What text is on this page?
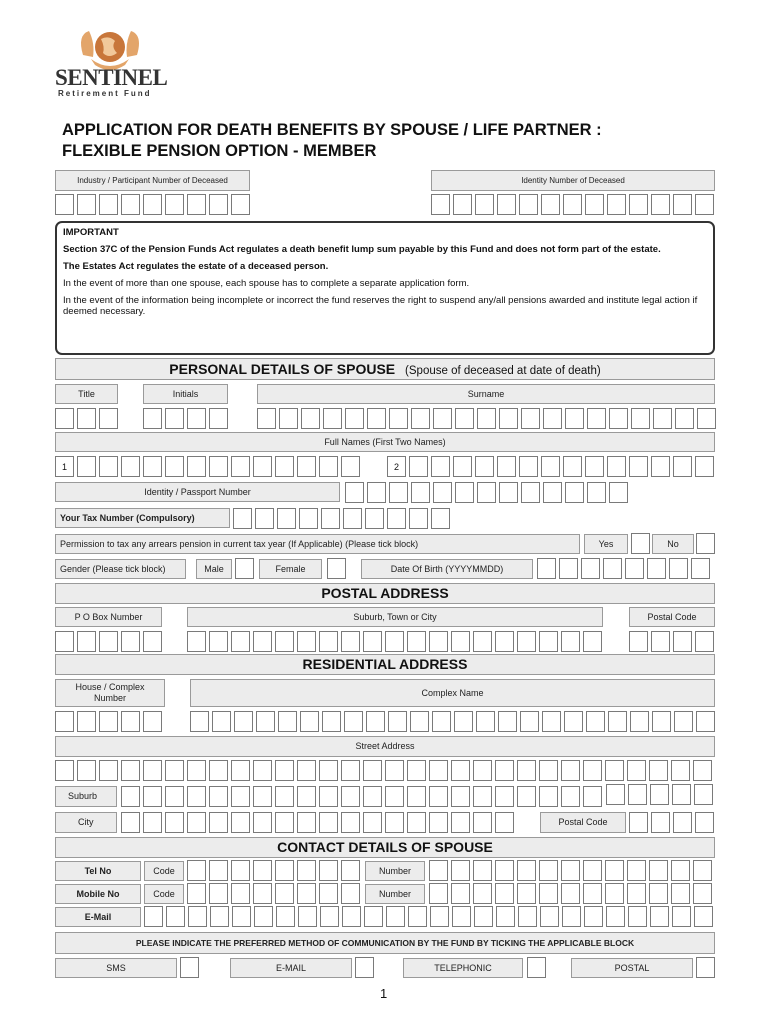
SENTINEL
Retirement Fund
APPLICATION FOR DEATH BENEFITS BY SPOUSE / LIFE PARTNER :
FLEXIBLE PENSION OPTION - MEMBER
Industry / Participant Number of Deceased	Identity Number of Deceased

IMPORTANT

Section 37C of the Pension Funds Act regulates a death benefit lump sum payable by this Fund and does not form part of the estate.

The Estates Act regulates the estate of a deceased person.

In the event of more than one spouse, each spouse has to complete a separate application form.

In the event of the information being incomplete or incorrect the fund reserves the right to suspend any/all pensions awarded and institute legal action if deemed necessary.

PERSONAL DETAILS OF SPOUSE (Spouse of deceased at date of death)
Title	Initials	Surname
Full Names (First Two Names)
1	2
Identity / Passport Number
Your Tax Number (Compulsory)
Permission to tax any arrears pension in current tax year (If Applicable) (Please tick block)	Yes	No
Gender (Please tick block)	Male	Female	Date Of Birth (YYYYMMDD)
POSTAL ADDRESS
P O Box Number	Suburb, Town or City	Postal Code
RESIDENTIAL ADDRESS
House / Complex Number
Complex Name
Street Address
Suburb
City	Postal Code
CONTACT DETAILS OF SPOUSE
Tel No	Code	Number
Mobile No	Code	Number
E-Mail
PLEASE INDICATE THE PREFERRED METHOD OF COMMUNICATION BY THE FUND BY TICKING THE APPLICABLE BLOCK
SMS	E-MAIL	TELEPHONIC	POSTAL
1
